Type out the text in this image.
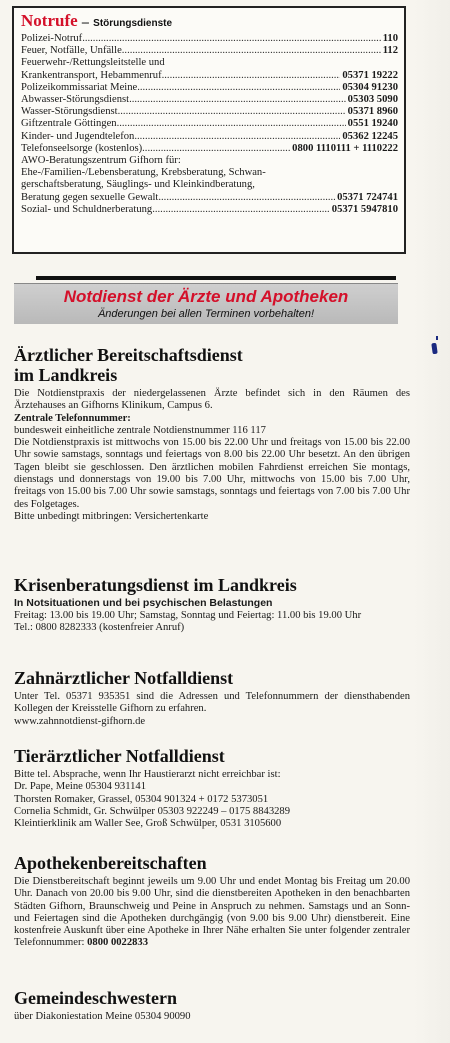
Notrufe – Störungsdienste
Polizei-Notruf .....	110
Feuer, Notfälle, Unfälle .....	112
Feuerwehr-/Rettungsleitstelle und
Krankentransport, Hebammenruf .....	05371 19222
Polizeikommissariat Meine .....	05304 91230
Abwasser-Störungsdienst .....	05303 5090
Wasser-Störungsdienst .....	05371 8960
Giftzentrale Göttingen .....	0551 19240
Kinder- und Jugendtelefon .....	05362 12245
Telefonseelsorge (kostenlos) .....	0800 1110111 + 1110222
AWO-Beratungszentrum Gifhorn für:
Ehe-/Familien-/Lebensberatung, Krebsberatung, Schwan-
gerschaftsberatung, Säuglings- und Kleinkindberatung,
Beratung gegen sexuelle Gewalt .....	05371 724741
Sozial- und Schuldnerberatung .....	05371 5947810
Notdienst der Ärzte und Apotheken
Änderungen bei allen Terminen vorbehalten!
Ärztlicher Bereitschaftsdienst
im Landkreis

Die Notdienstpraxis der niedergelassenen Ärzte befindet sich in den Räumen des Ärztehauses an Gifhorns Klinikum, Campus 6.

Zentrale Telefonnummer:

bundesweit einheitliche zentrale Notdienstnummer 116 117

Die Notdienstpraxis ist mittwochs von 15.00 bis 22.00 Uhr und freitags von 15.00 bis 22.00 Uhr sowie samstags, sonntags und feiertags von 8.00 bis 22.00 Uhr besetzt. An den übrigen Tagen bleibt sie geschlossen. Den ärztlichen mobilen Fahrdienst erreichen Sie montags, dienstags und donnerstags von 19.00 bis 7.00 Uhr, mittwochs von 15.00 bis 7.00 Uhr, freitags von 15.00 bis 7.00 Uhr sowie samstags, sonntags und feiertags von 7.00 bis 7.00 Uhr des Folgetages.

Bitte unbedingt mitbringen: Versichertenkarte

Krisenberatungsdienst im Landkreis
In Notsituationen und bei psychischen Belastungen

Freitag: 13.00 bis 19.00 Uhr; Samstag, Sonntag und Feiertag: 11.00 bis 19.00 Uhr

Tel.: 0800 8282333 (kostenfreier Anruf)

Zahnärztlicher Notfalldienst

Unter Tel. 05371 935351 sind die Adressen und Telefonnummern der diensthabenden Kollegen der Kreisstelle Gifhorn zu erfahren.

www.zahnnotdienst-gifhorn.de
Tierärztlicher Notfalldienst
Bitte tel. Absprache, wenn Ihr Haustierarzt nicht erreichbar ist:
Dr. Pape, Meine 05304 931141
Thorsten Romaker, Grassel, 05304 901324 + 0172 5373051
Cornelia Schmidt, Gr. Schwülper 05303 922249 – 0175 8843289
Kleintierklinik am Waller See, Groß Schwülper, 0531 3105600
Apothekenbereitschaften

Die Dienstbereitschaft beginnt jeweils um 9.00 Uhr und endet Montag bis Freitag um 20.00 Uhr. Danach von 20.00 bis 9.00 Uhr, sind die dienstbereiten Apotheken in den benachbarten Städten Gifhorn, Braunschweig und Peine in Anspruch zu nehmen. Samstags und an Sonn- und Feiertagen sind die Apotheken durchgängig (von 9.00 bis 9.00 Uhr) dienstbereit. Eine kostenfreie Auskunft über eine Apotheke in Ihrer Nähe erhalten Sie unter folgender zentraler Telefonnummer: 0800 0022833

Gemeindeschwestern
über Diakoniestation Meine 05304 90090
